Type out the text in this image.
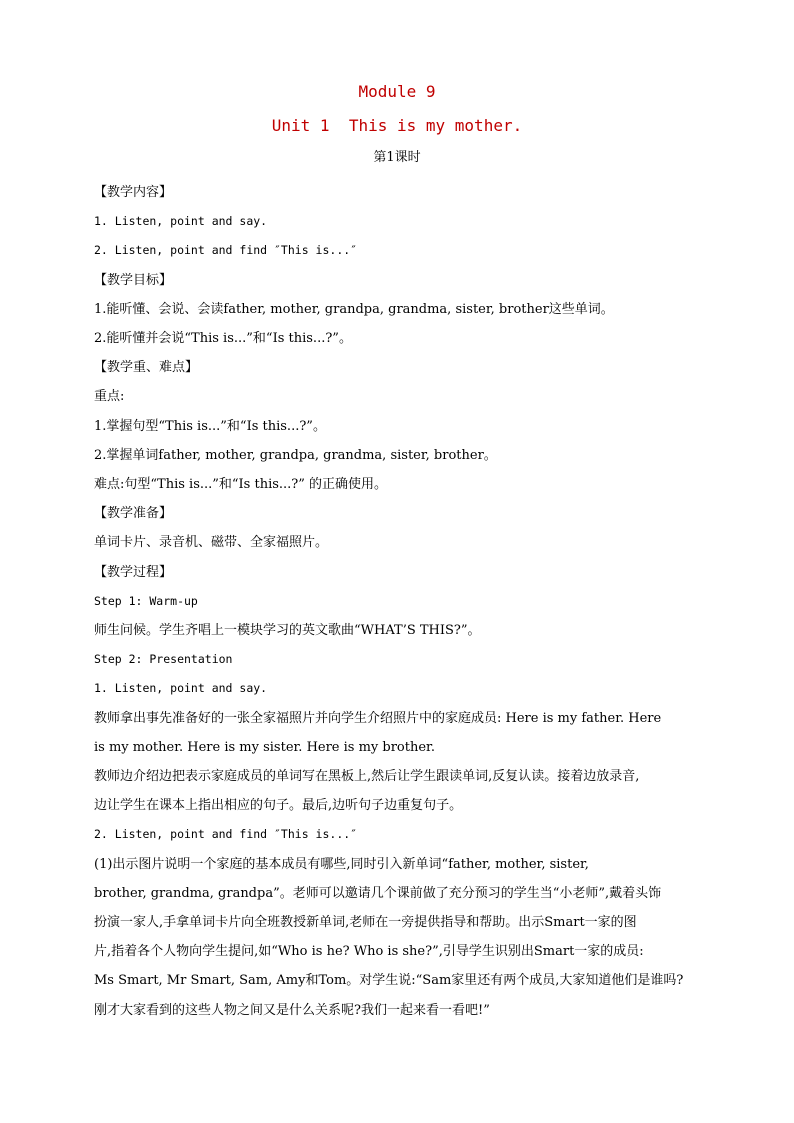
Module 9
Unit 1  This is my mother.
第1课时
【教学内容】
1. Listen, point and say.
2. Listen, point and find ″This is...″
【教学目标】
1.能听懂、会说、会读father, mother, grandpa, grandma, sister, brother这些单词。
2.能听懂并会说“This is...”和“Is this...?”。
【教学重、难点】
重点:
1.掌握句型“This is...”和“Is this...?”。
2.掌握单词father, mother, grandpa, grandma, sister, brother。
难点:句型“This is...”和“Is this...?” 的正确使用。
【教学准备】
单词卡片、录音机、磁带、全家福照片。
【教学过程】
Step 1: Warm-up
师生问候。学生齐唱上一模块学习的英文歌曲“WHAT’S THIS?”。
Step 2: Presentation
1. Listen, point and say.
教师拿出事先准备好的一张全家福照片并向学生介绍照片中的家庭成员: Here is my father. Here
is my mother. Here is my sister. Here is my brother.
教师边介绍边把表示家庭成员的单词写在黑板上,然后让学生跟读单词,反复认读。接着边放录音,
边让学生在课本上指出相应的句子。最后,边听句子边重复句子。
2. Listen, point and find ″This is...″
(1)出示图片说明一个家庭的基本成员有哪些,同时引入新单词“father, mother, sister,
brother, grandma, grandpa”。老师可以邀请几个课前做了充分预习的学生当“小老师”,戴着头饰
扮演一家人,手拿单词卡片向全班教授新单词,老师在一旁提供指导和帮助。出示Smart一家的图
片,指着各个人物向学生提问,如“Who is he? Who is she?”,引导学生识别出Smart一家的成员:
Ms Smart, Mr Smart, Sam, Amy和Tom。对学生说:“Sam家里还有两个成员,大家知道他们是谁吗?
刚才大家看到的这些人物之间又是什么关系呢?我们一起来看一看吧!”
